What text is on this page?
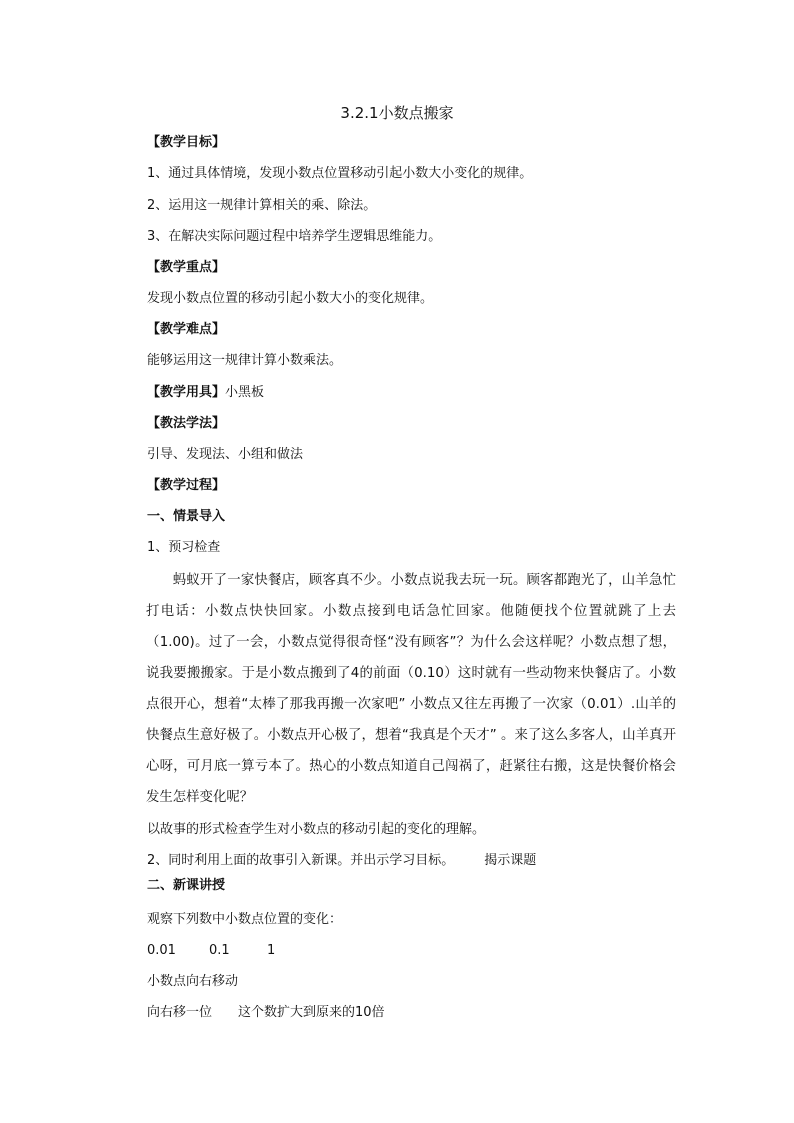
3.2.1小数点搬家
【教学目标】
1、通过具体情境，发现小数点位置移动引起小数大小变化的规律。
2、运用这一规律计算相关的乘、除法。
3、在解决实际问题过程中培养学生逻辑思维能力。
【教学重点】
发现小数点位置的移动引起小数大小的变化规律。
【教学难点】
能够运用这一规律计算小数乘法。
【教学用具】小黑板
【教法学法】
引导、发现法、小组和做法
【教学过程】
一、情景导入
1、预习检查

蚂蚁开了一家快餐店，顾客真不少。小数点说我去玩一玩。顾客都跑光了，山羊急忙打电话：小数点快快回家。小数点接到电话急忙回家。他随便找个位置就跳了上去（1.00)。过了一会，小数点觉得很奇怪“没有顾客”？为什么会这样呢？小数点想了想，说我要搬搬家。于是小数点搬到了4的前面（0.10）这时就有一些动物来快餐店了。小数点很开心，想着“太棒了那我再搬一次家吧” 小数点又往左再搬了一次家（0.01）.山羊的快餐点生意好极了。小数点开心极了，想着“我真是个天才” 。来了这么多客人，山羊真开心呀，可月底一算亏本了。热心的小数点知道自己闯祸了，赶紧往右搬，这是快餐价格会发生怎样变化呢？

以故事的形式检查学生对小数点的移动引起的变化的理解。
2、同时利用上面的故事引入新课。并出示学习目标。 揭示课题
二、新课讲授
观察下列数中小数点位置的变化：
0.01	0.1	1
小数点向右移动
向右移一位 这个数扩大到原来的10倍
